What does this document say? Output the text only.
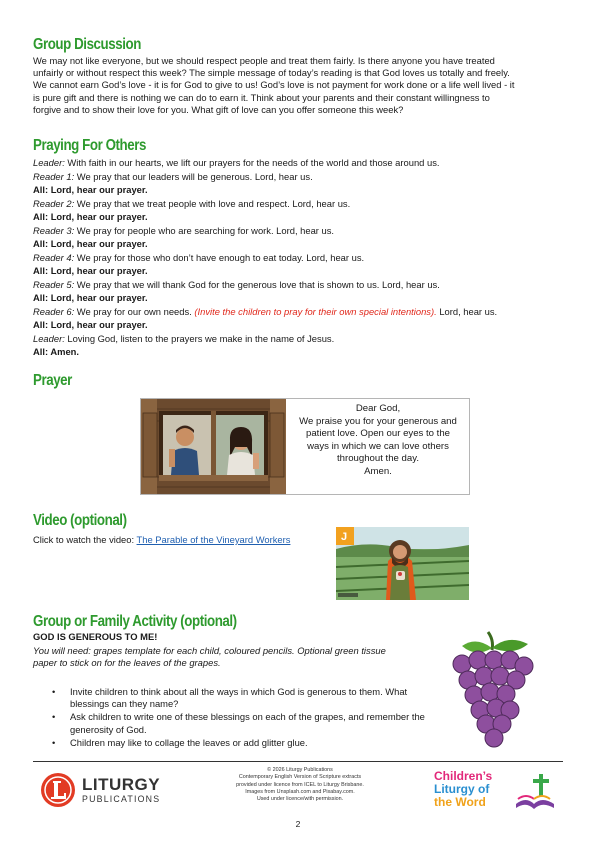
Group Discussion
We may not like everyone, but we should respect people and treat them fairly. Is there anyone you have treated
unfairly or without respect this week? The simple message of today’s reading is that God loves us totally and freely.
We cannot earn God’s love - it is for God to give to us! God’s love is not payment for work done or a life well lived - it
is pure gift and there is nothing we can do to earn it. Think about your parents and their constant willingness to
forgive and to show their love for you. What gift of love can you offer someone this week?
Praying For Others
Leader: With faith in our hearts, we lift our prayers for the needs of the world and those around us.
Reader 1: We pray that our leaders will be generous. Lord, hear us.
All: Lord, hear our prayer.
Reader 2: We pray that we treat people with love and respect. Lord, hear us.
All: Lord, hear our prayer.
Reader 3: We pray for people who are searching for work. Lord, hear us.
All: Lord, hear our prayer.
Reader 4: We pray for those who don’t have enough to eat today. Lord, hear us.
All: Lord, hear our prayer.
Reader 5: We pray that we will thank God for the generous love that is shown to us. Lord, hear us.
All: Lord, hear our prayer.
Reader 6: We pray for our own needs. (Invite the children to pray for their own special intentions). Lord, hear us.
All: Lord, hear our prayer.
Leader: Loving God, listen to the prayers we make in the name of Jesus.
All: Amen.
Prayer
Dear God,
We praise you for your generous and
patient love. Open our eyes to the
ways in which we can love others
throughout the day.
Amen.
Video (optional)
Click to watch the video: The Parable of the Vineyard Workers	J
Group or Family Activity (optional)
GOD IS GENEROUS TO ME!
You will need: grapes template for each child, coloured pencils. Optional green tissue
paper to stick on for the leaves of the grapes.
• Invite children to think about all the ways in which God is generous to them. What blessings can they name?
• Ask children to write one of these blessings on each of the grapes, and remember the generosity of God.
• Children may like to collage the leaves or add glitter glue.
LITURGY
PUBLICATIONS
© 2026 Liturgy Publications
Contemporary English Version of Scripture extracts
provided under licence from ICEL to Liturgy Brisbane.
Images from Unsplash.com and Pixabay.com.
Used under licence/with permission.
2
Children’s
Liturgy of
the Word
